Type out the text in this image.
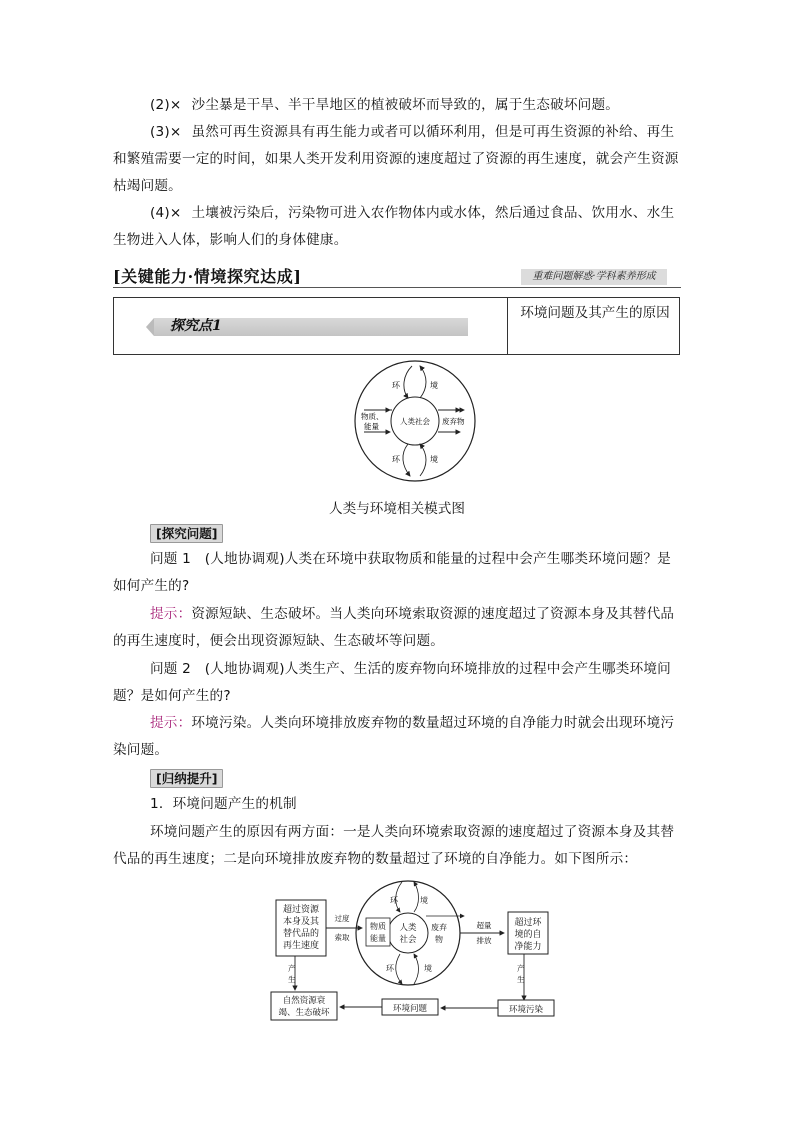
(2)× 沙尘暴是干旱、半干旱地区的植被破坏而导致的，属于生态破坏问题。
(3)× 虽然可再生资源具有再生能力或者可以循环利用，但是可再生资源的补给、再生和繁殖需要一定的时间，如果人类开发利用资源的速度超过了资源的再生速度，就会产生资源枯竭问题。
(4)× 土壤被污染后，污染物可进入农作物体内或水体，然后通过食品、饮用水、水生生物进入人体，影响人们的身体健康。
[关键能力·情境探究达成]	重难问题解惑·学科素养形成
探究点1
环境问题及其产生的原因
环	境
环	境
物质、
能量
人类社会 废弃物
人类与环境相关模式图
[探究问题]
问题 1　(人地协调观)人类在环境中获取物质和能量的过程中会产生哪类环境问题？是如何产生的?
提示：资源短缺、生态破坏。当人类向环境索取资源的速度超过了资源本身及其替代品的再生速度时，便会出现资源短缺、生态破坏等问题。
问题 2　(人地协调观)人类生产、生活的废弃物向环境排放的过程中会产生哪类环境问题？是如何产生的?
提示：环境污染。人类向环境排放废弃物的数量超过环境的自净能力时就会出现环境污染问题。
[归纳提升]
1．环境问题产生的机制
环境问题产生的原因有两方面：一是人类向环境索取资源的速度超过了资源本身及其替代品的再生速度；二是向环境排放废弃物的数量超过了环境的自净能力。如下图所示：
超过资源
本身及其
替代品的
再生速度
过度
索取
物质
能量
人类
社会
废弃
物
环	境
环	境
超量
排放
超过环
境的自
净能力
产
生
产
生
自然资源衰
竭、生态破坏	环境问题	环境污染
